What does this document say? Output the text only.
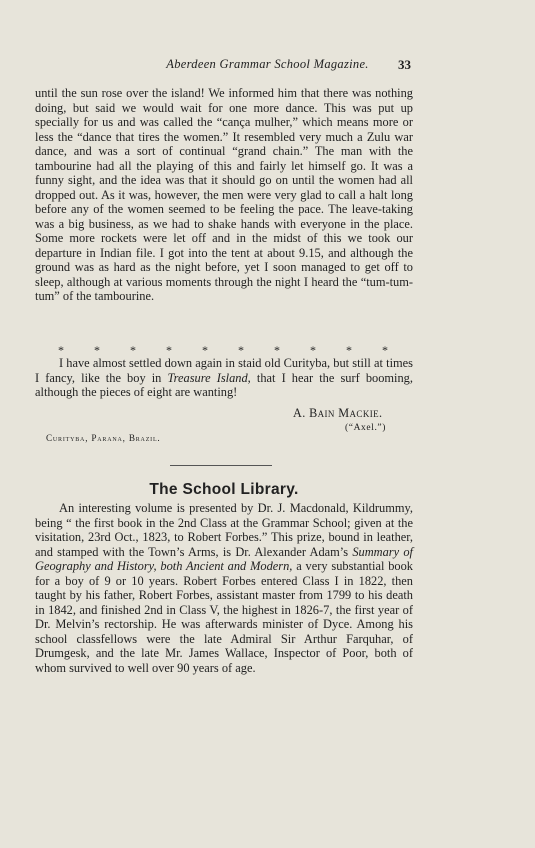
Aberdeen Grammar School Magazine.	33

until the sun rose over the island! We informed him that there was nothing doing, but said we would wait for one more dance. This was put up specially for us and was called the “cança mulher,” which means more or less the “dance that tires the women.” It resembled very much a Zulu war dance, and was a sort of continual “grand chain.” The man with the tambourine had all the playing of this and fairly let himself go. It was a funny sight, and the idea was that it should go on until the women had all dropped out. As it was, however, the men were very glad to call a halt long before any of the women seemed to be feeling the pace. The leave-taking was a big business, as we had to shake hands with everyone in the place. Some more rockets were let off and in the midst of this we took our departure in Indian file. I got into the tent at about 9.15, and although the ground was as hard as the night before, yet I soon managed to get off to sleep, although at various moments through the night I heard the “tum-tum-tum” of the tambourine.

*	*	*	*	*	*	*	*	*	*

I have almost settled down again in staid old Curityba, but still at times I fancy, like the boy in Treasure Island, that I hear the surf booming, although the pieces of eight are wanting!

A. Bain Mackie.
(“Axel.”)
Curityba, Parana, Brazil.
The School Library.

An interesting volume is presented by Dr. J. Macdonald, Kildrummy, being “ the first book in the 2nd Class at the Grammar School; given at the visitation, 23rd Oct., 1823, to Robert Forbes.” This prize, bound in leather, and stamped with the Town’s Arms, is Dr. Alexander Adam’s Summary of Geography and History, both Ancient and Modern, a very substantial book for a boy of 9 or 10 years. Robert Forbes entered Class I in 1822, then taught by his father, Robert Forbes, assistant master from 1799 to his death in 1842, and finished 2nd in Class V, the highest in 1826-7, the first year of Dr. Melvin’s rectorship. He was afterwards minister of Dyce. Among his school classfellows were the late Admiral Sir Arthur Farquhar, of Drumgesk, and the late Mr. James Wallace, Inspector of Poor, both of whom survived to well over 90 years of age.
